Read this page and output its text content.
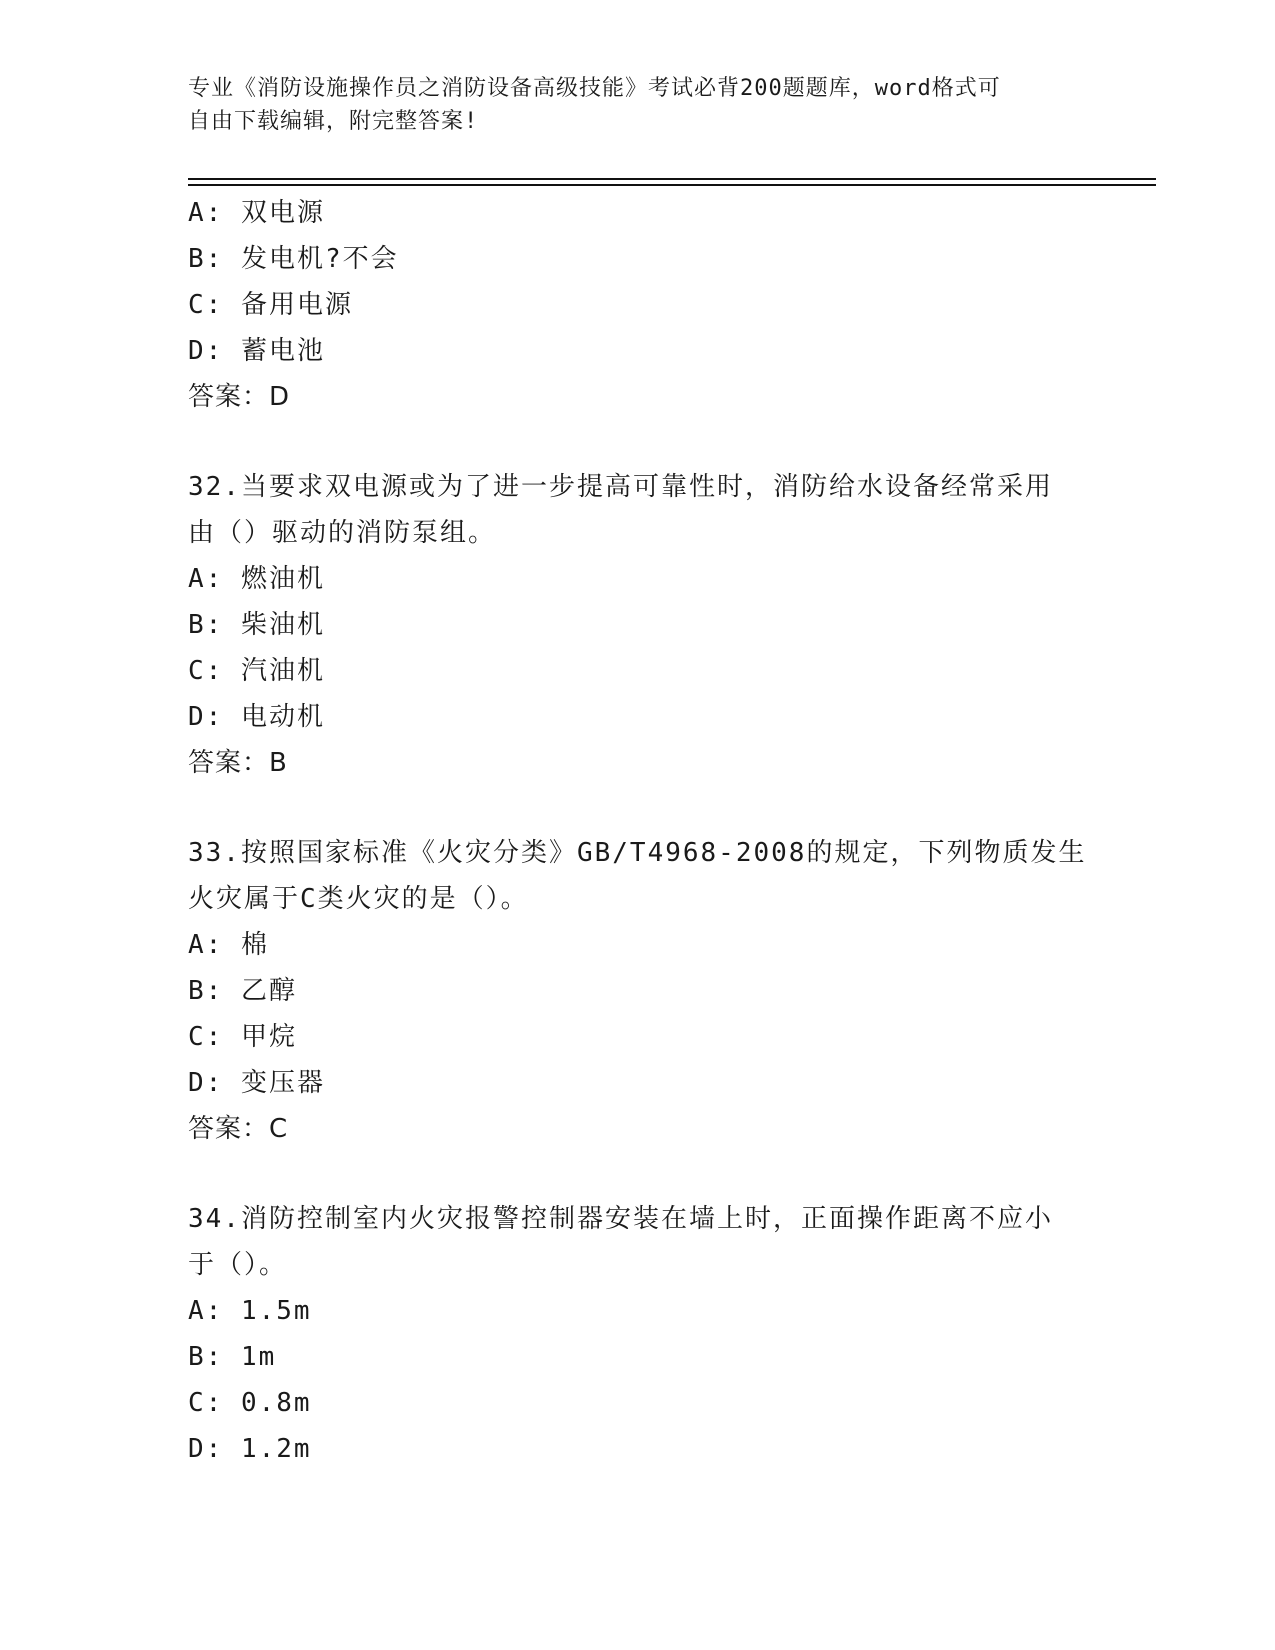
专业《消防设施操作员之消防设备高级技能》考试必背200题题库，word格式可
自由下载编辑，附完整答案!
A: 双电源
B: 发电机?不会
C: 备用电源
D: 蓄电池
答案：D
32.当要求双电源或为了进一步提高可靠性时，消防给水设备经常采用
由（）驱动的消防泵组。
A: 燃油机
B: 柴油机
C: 汽油机
D: 电动机
答案：B
33.按照国家标准《火灾分类》GB/T4968-2008的规定，下列物质发生
火灾属于C类火灾的是（）。
A: 棉
B: 乙醇
C: 甲烷
D: 变压器
答案：C
34.消防控制室内火灾报警控制器安装在墙上时，正面操作距离不应小
于（）。
A: 1.5m
B: 1m
C: 0.8m
D: 1.2m
